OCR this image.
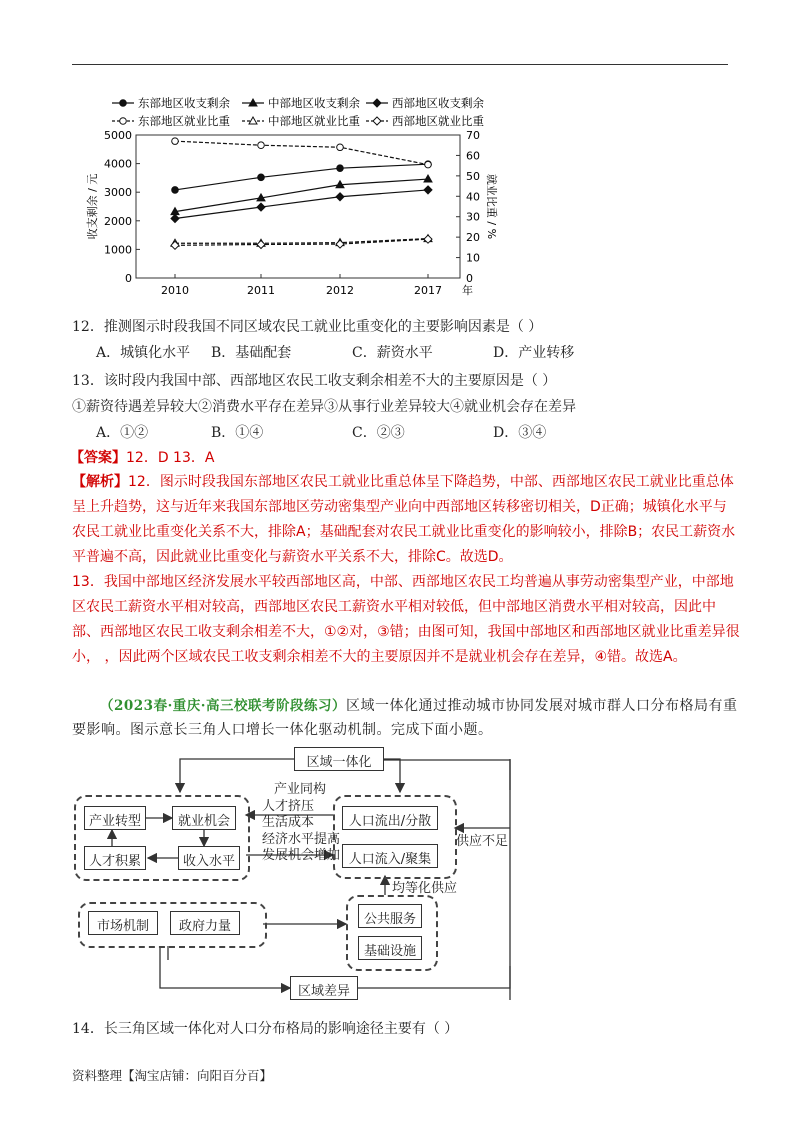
东部地区收支剩余	中部地区收支剩余	西部地区收支剩余
东部地区就业比重	中部地区就业比重	西部地区就业比重
0
1000
2000
3000
4000
5000
0
10
20
30
40
50
60
70
2010	2011	2012	2017 年
收支剩余 / 元	就业比重 / %
12．推测图示时段我国不同区域农民工就业比重变化的主要影响因素是（ ）
A．城镇化水平 B．基础配套	C．薪资水平	D．产业转移
13．该时段内我国中部、西部地区农民工收支剩余相差不大的主要原因是（ ）
①薪资待遇差异较大②消费水平存在差异③从事行业差异较大④就业机会存在差异
A．①②	B．①④	C．②③	D．③④
【答案】12．D 13．A
【解析】12．图示时段我国东部地区农民工就业比重总体呈下降趋势，中部、西部地区农民工就业比重总体呈上升趋势，这与近年来我国东部地区劳动密集型产业向中西部地区转移密切相关，D正确；城镇化水平与农民工就业比重变化关系不大，排除A；基础配套对农民工就业比重变化的影响较小，排除B；农民工薪资水平普遍不高，因此就业比重变化与薪资水平关系不大，排除C。故选D。
13．我国中部地区经济发展水平较西部地区高，中部、西部地区农民工均普遍从事劳动密集型产业，中部地区农民工薪资水平相对较高，西部地区农民工薪资水平相对较低，但中部地区消费水平相对较高，因此中部、西部地区农民工收支剩余相差不大，①②对，③错；由图可知，我国中部地区和西部地区就业比重差异很小， ，因此两个区域农民工收支剩余相差不大的主要原因并不是就业机会存在差异，④错。故选A。
（2023春·重庆·高三校联考阶段练习）区域一体化通过推动城市协同发展对城市群人口分布格局有重要影响。图示意长三角人口增长一体化驱动机制。完成下面小题。
区域一体化
产业转型	就业机会
人才积累	收入水平
产业同构
人才挤压
生活成本
经济水平提高
发展机会增加
人口流出/分散
人口流入/聚集
供应不足
均等化供应
市场机制	政府力量	公共服务
基础设施
区域差异
14．长三角区域一体化对人口分布格局的影响途径主要有（ ）
资料整理【淘宝店铺：向阳百分百】
